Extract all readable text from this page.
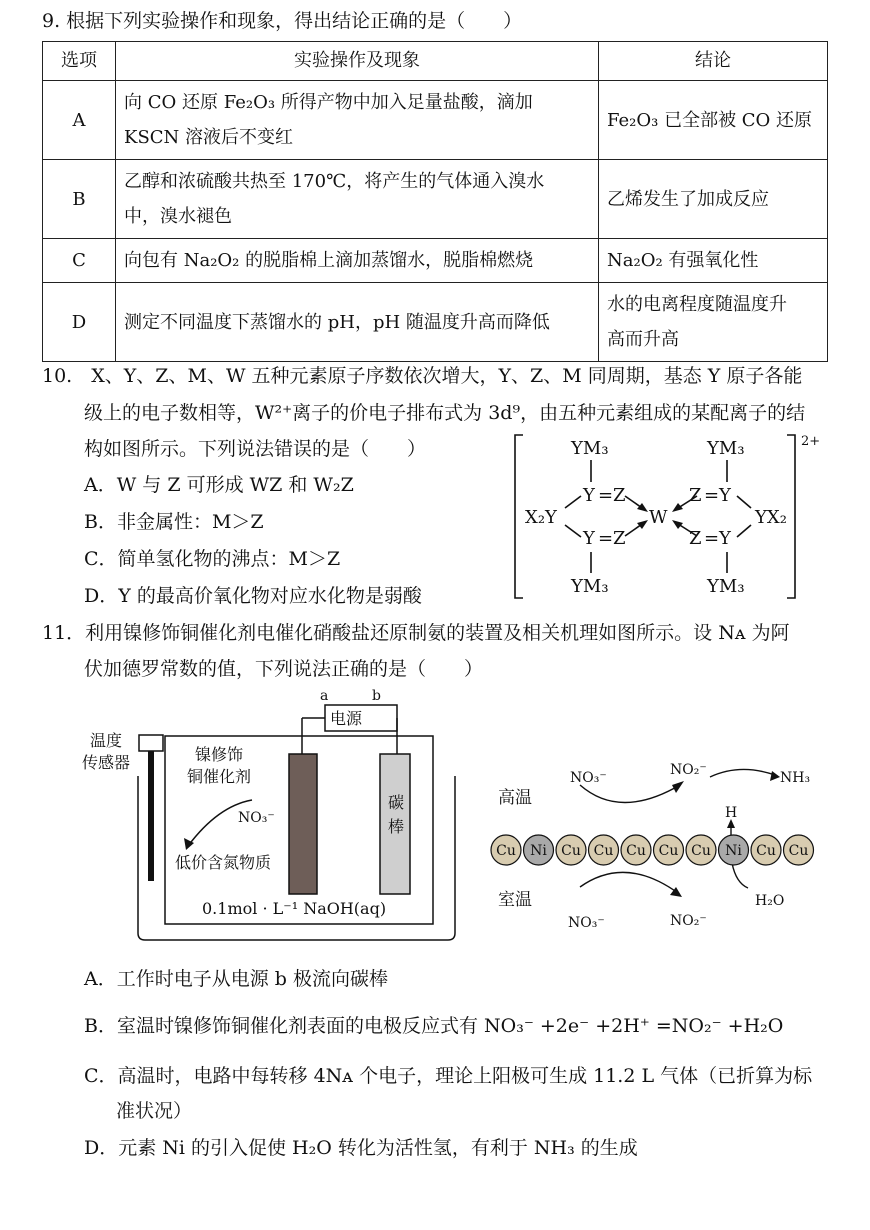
9. 根据下列实验操作和现象，得出结论正确的是（　　）
选项	实验操作及现象	结论
A	向 CO 还原 Fe₂O₃ 所得产物中加入足量盐酸，滴加
KSCN 溶液后不变红	Fe₂O₃ 已全部被 CO 还原
B	乙醇和浓硫酸共热至 170℃，将产生的气体通入溴水
中，溴水褪色	乙烯发生了加成反应
C	向包有 Na₂O₂ 的脱脂棉上滴加蒸馏水，脱脂棉燃烧	Na₂O₂ 有强氧化性
D	测定不同温度下蒸馏水的 pH，pH 随温度升高而降低	水的电离程度随温度升
高而升高
10.　X、Y、Z、M、W 五种元素原子序数依次增大，Y、Z、M 同周期，基态 Y 原子各能
级上的电子数相等，W²⁺离子的价电子排布式为 3d⁹，由五种元素组成的某配离子的结
构如图所示。下列说法错误的是（　　）
A．W 与 Z 可形成 WZ 和 W₂Z
B．非金属性：M＞Z
C．简单氢化物的沸点：M＞Z
D．Y 的最高价氧化物对应水化物是弱酸
2+
YM₃	YM₃
YM₃	YM₃
X₂Y	YX₂
Y = Z
Y = Z
Z = Y
Z = Y
W
11．利用镍修饰铜催化剂电催化硝酸盐还原制氨的装置及相关机理如图所示。设 Nᴀ 为阿
伏加德罗常数的值，下列说法正确的是（　　）
a	b
电源
温度
传感器	镍修饰
铜催化剂
NO₃⁻
低价含氮物质
碳
棒
0.1mol · L⁻¹ NaOH(aq)
NO₃⁻	NO₂⁻	NH₃
H
H₂O
NO₃⁻	NO₂⁻
高温
室温
Cu Ni Cu Cu Cu Cu Cu Ni Cu Cu
A．工作时电子从电源 b 极流向碳棒
B．室温时镍修饰铜催化剂表面的电极反应式有 NO₃⁻ +2e⁻ +2H⁺ =NO₂⁻ +H₂O
C．高温时，电路中每转移 4Nᴀ 个电子，理论上阳极可生成 11.2 L 气体（已折算为标
准状况）
D．元素 Ni 的引入促使 H₂O 转化为活性氢，有利于 NH₃ 的生成
